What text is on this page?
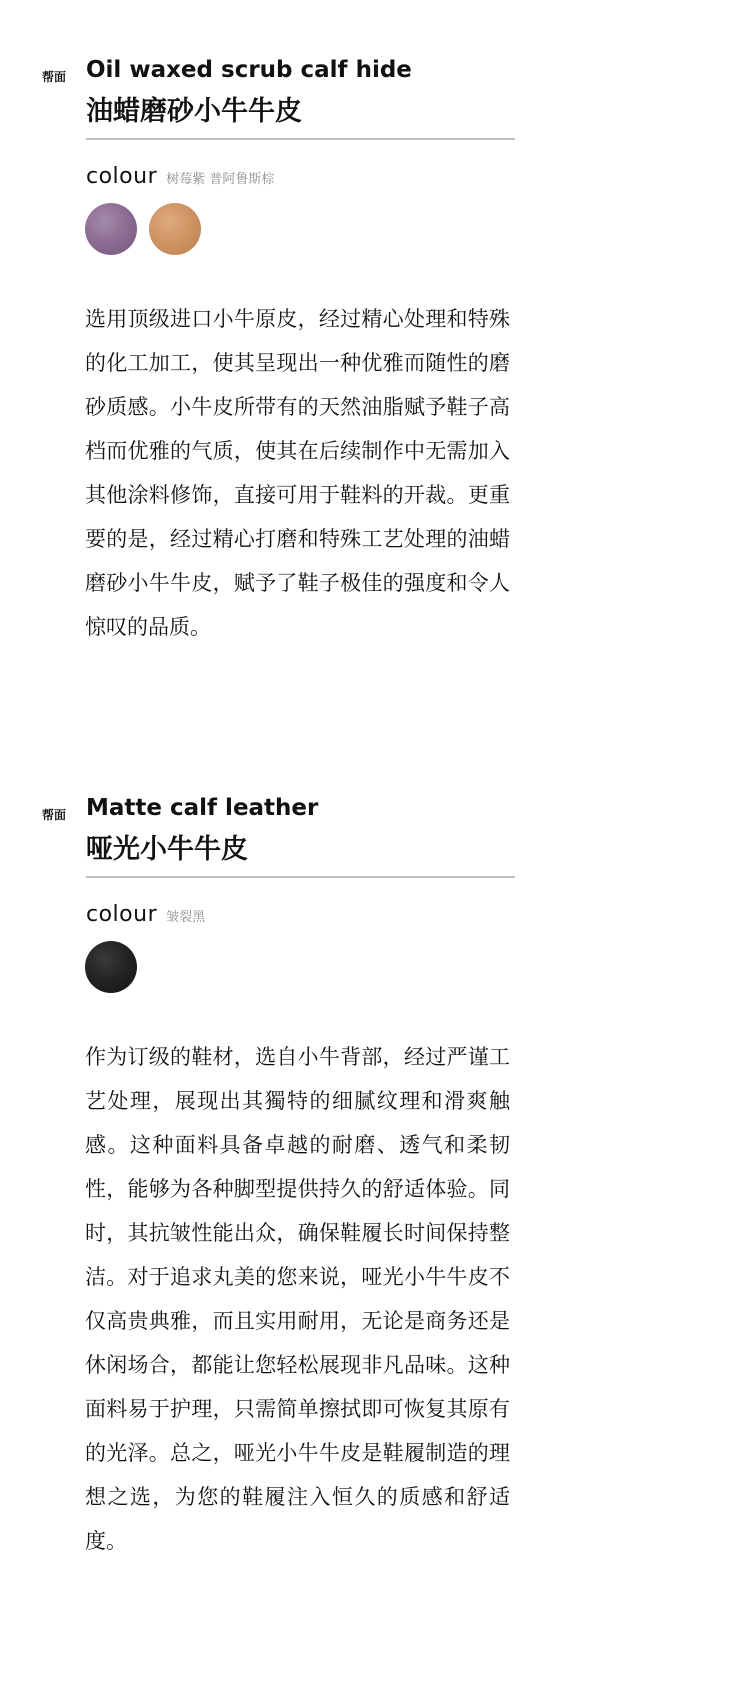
帮面 Oil waxed scrub calf hide
油蜡磨砂小牛牛皮
colour 树莓紫 普阿鲁斯棕

选用顶级进口小牛原皮，经过精心处理和特殊的化工加工，使其呈现出一种优雅而随性的磨砂质感。小牛皮所带有的天然油脂赋予鞋子高档而优雅的气质，使其在后续制作中无需加入其他涂料修饰，直接可用于鞋料的开裁。更重要的是，经过精心打磨和特殊工艺处理的油蜡磨砂小牛牛皮，赋予了鞋子极佳的强度和令人惊叹的品质。

帮面 Matte calf leather
哑光小牛牛皮
colour 皱裂黑

作为订级的鞋材，选自小牛背部，经过严谨工艺处理，展现出其獨特的细腻纹理和滑爽触感。这种面料具备卓越的耐磨、透气和柔韧性，能够为各种脚型提供持久的舒适体验。同时，其抗皱性能出众，确保鞋履长时间保持整洁。对于追求丸美的您来说，哑光小牛牛皮不仅高贵典雅，而且实用耐用，无论是商务还是休闲场合，都能让您轻松展现非凡品味。这种面料易于护理，只需简单擦拭即可恢复其原有的光泽。总之，哑光小牛牛皮是鞋履制造的理想之选，为您的鞋履注入恒久的质感和舒适度。
